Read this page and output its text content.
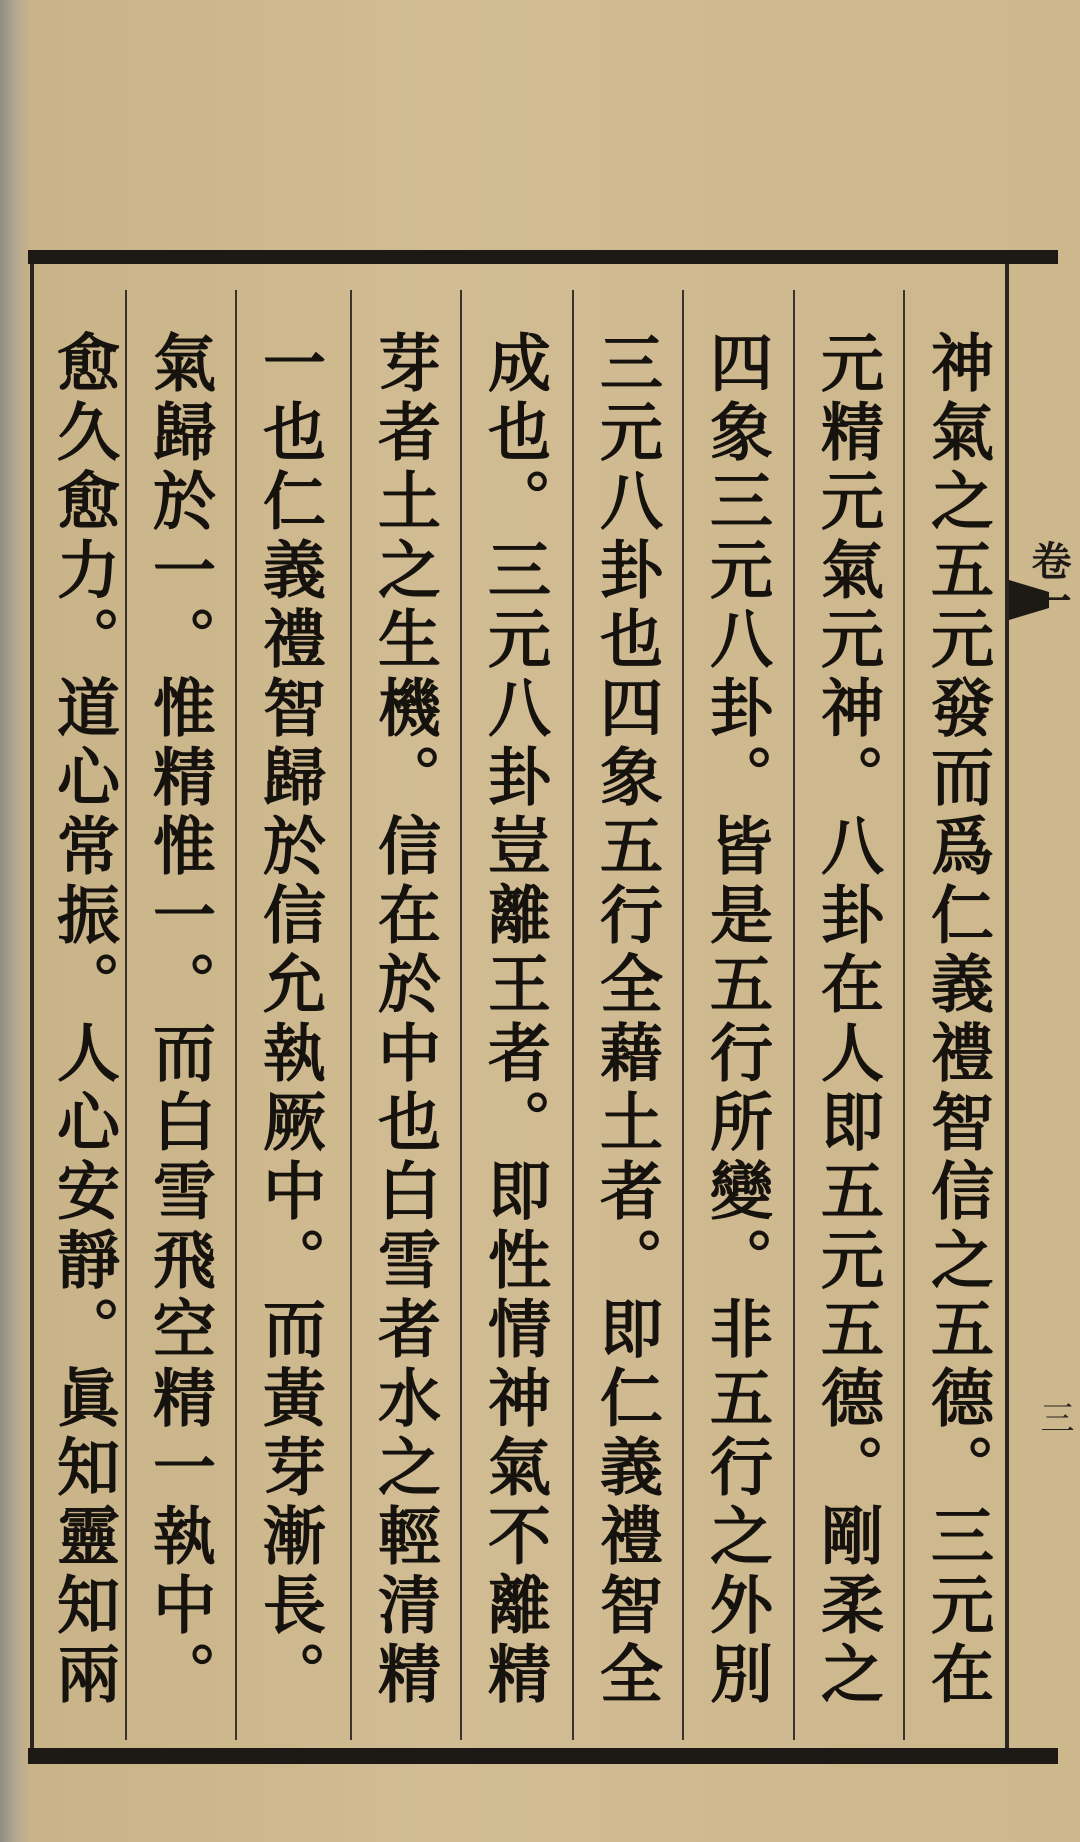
神氣之五元發而爲仁義禮智信之五德。三元在
元精元氣元神。八卦在人即五元五德。剛柔之
四象三元八卦。皆是五行所變。非五行之外別
三元八卦也四象五行全藉土者。即仁義禮智全
成也。三元八卦豈離王者。即性情神氣不離精
芽者土之生機。信在於中也白雪者水之輕清精
一也仁義禮智歸於信允執厥中。而黃芽漸長。
氣歸於一。惟精惟一。而白雪飛空精一執中。
愈久愈力。道心常振。人心安靜。眞知靈知兩
卷一
三
